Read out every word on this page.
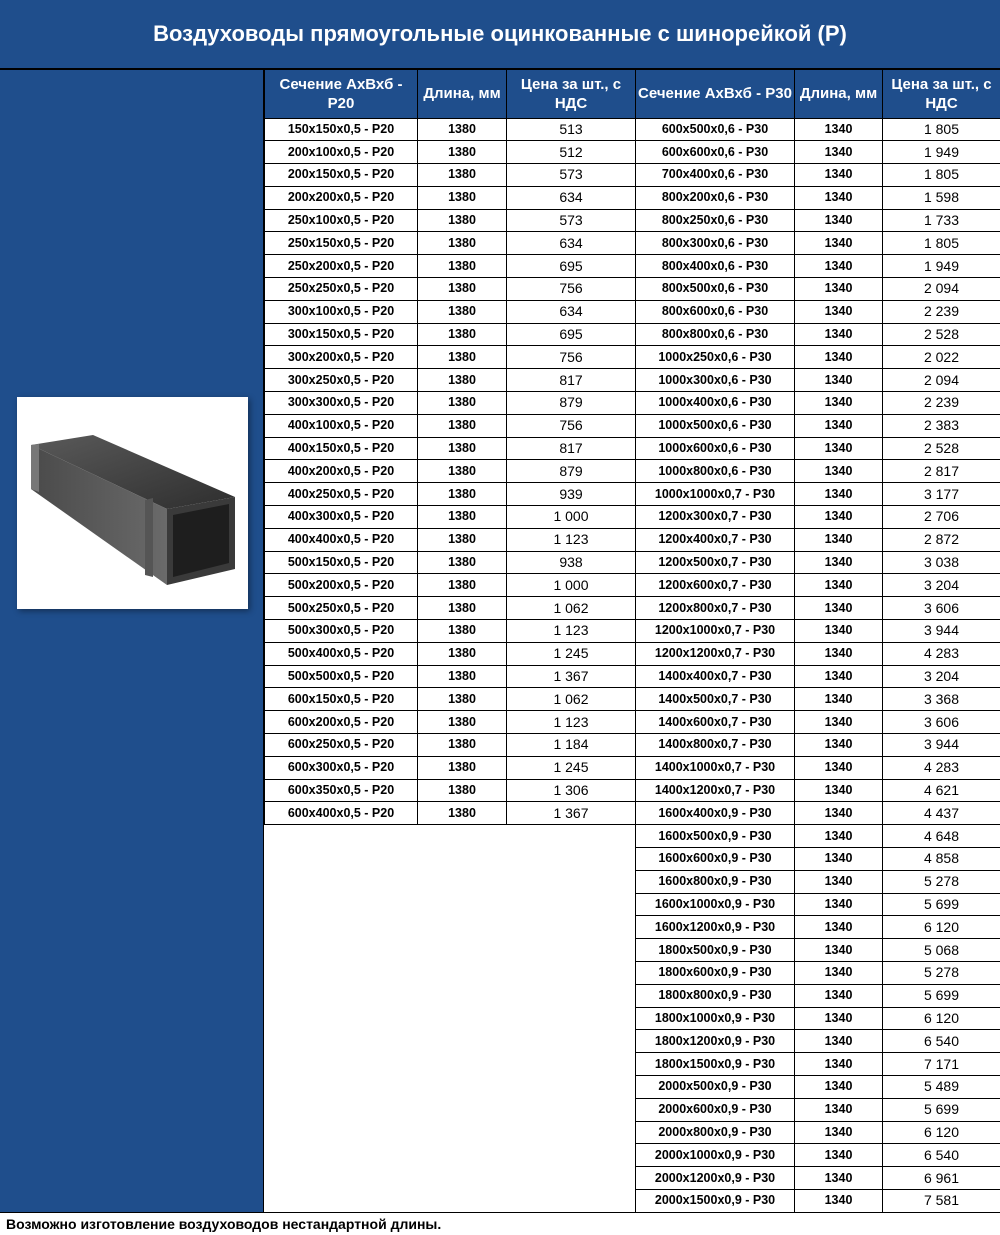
Воздуховоды прямоугольные оцинкованные с шинорейкой (Р)
Сечение АхВхб - Р20	Длина, мм	Цена за шт., с НДС
150х150х0,5 - Р20	1380	513
200х100х0,5 - Р20	1380	512
200х150х0,5 - Р20	1380	573
200х200х0,5 - Р20	1380	634
250х100х0,5 - Р20	1380	573
250х150х0,5 - Р20	1380	634
250х200х0,5 - Р20	1380	695
250х250х0,5 - Р20	1380	756
300х100х0,5 - Р20	1380	634
300х150х0,5 - Р20	1380	695
300х200х0,5 - Р20	1380	756
300х250х0,5 - Р20	1380	817
300х300х0,5 - Р20	1380	879
400х100х0,5 - Р20	1380	756
400х150х0,5 - Р20	1380	817
400х200х0,5 - Р20	1380	879
400х250х0,5 - Р20	1380	939
400х300х0,5 - Р20	1380	1 000
400х400х0,5 - Р20	1380	1 123
500х150х0,5 - Р20	1380	938
500х200х0,5 - Р20	1380	1 000
500х250х0,5 - Р20	1380	1 062
500х300х0,5 - Р20	1380	1 123
500х400х0,5 - Р20	1380	1 245
500х500х0,5 - Р20	1380	1 367
600х150х0,5 - Р20	1380	1 062
600х200х0,5 - Р20	1380	1 123
600х250х0,5 - Р20	1380	1 184
600х300х0,5 - Р20	1380	1 245
600х350х0,5 - Р20	1380	1 306
600х400х0,5 - Р20	1380	1 367
Сечение АхВхб - Р30	Длина, мм	Цена за шт., с НДС
600х500х0,6 - Р30	1340	1 805
600х600х0,6 - Р30	1340	1 949
700х400х0,6 - Р30	1340	1 805
800х200х0,6 - Р30	1340	1 598
800х250х0,6 - Р30	1340	1 733
800х300х0,6 - Р30	1340	1 805
800х400х0,6 - Р30	1340	1 949
800х500х0,6 - Р30	1340	2 094
800х600х0,6 - Р30	1340	2 239
800х800х0,6 - Р30	1340	2 528
1000х250х0,6 - Р30	1340	2 022
1000х300х0,6 - Р30	1340	2 094
1000х400х0,6 - Р30	1340	2 239
1000х500х0,6 - Р30	1340	2 383
1000х600х0,6 - Р30	1340	2 528
1000х800х0,6 - Р30	1340	2 817
1000х1000х0,7 - Р30	1340	3 177
1200х300х0,7 - Р30	1340	2 706
1200х400х0,7 - Р30	1340	2 872
1200х500х0,7 - Р30	1340	3 038
1200х600х0,7 - Р30	1340	3 204
1200х800х0,7 - Р30	1340	3 606
1200х1000х0,7 - Р30	1340	3 944
1200х1200х0,7 - Р30	1340	4 283
1400х400х0,7 - Р30	1340	3 204
1400х500х0,7 - Р30	1340	3 368
1400х600х0,7 - Р30	1340	3 606
1400х800х0,7 - Р30	1340	3 944
1400х1000х0,7 - Р30	1340	4 283
1400х1200х0,7 - Р30	1340	4 621
1600х400х0,9 - Р30	1340	4 437
1600х500х0,9 - Р30	1340	4 648
1600х600х0,9 - Р30	1340	4 858
1600х800х0,9 - Р30	1340	5 278
1600х1000х0,9 - Р30	1340	5 699
1600х1200х0,9 - Р30	1340	6 120
1800х500х0,9 - Р30	1340	5 068
1800х600х0,9 - Р30	1340	5 278
1800х800х0,9 - Р30	1340	5 699
1800х1000х0,9 - Р30	1340	6 120
1800х1200х0,9 - Р30	1340	6 540
1800х1500х0,9 - Р30	1340	7 171
2000х500х0,9 - Р30	1340	5 489
2000х600х0,9 - Р30	1340	5 699
2000х800х0,9 - Р30	1340	6 120
2000х1000х0,9 - Р30	1340	6 540
2000х1200х0,9 - Р30	1340	6 961
2000х1500х0,9 - Р30	1340	7 581
Возможно изготовление воздуховодов нестандартной длины.
